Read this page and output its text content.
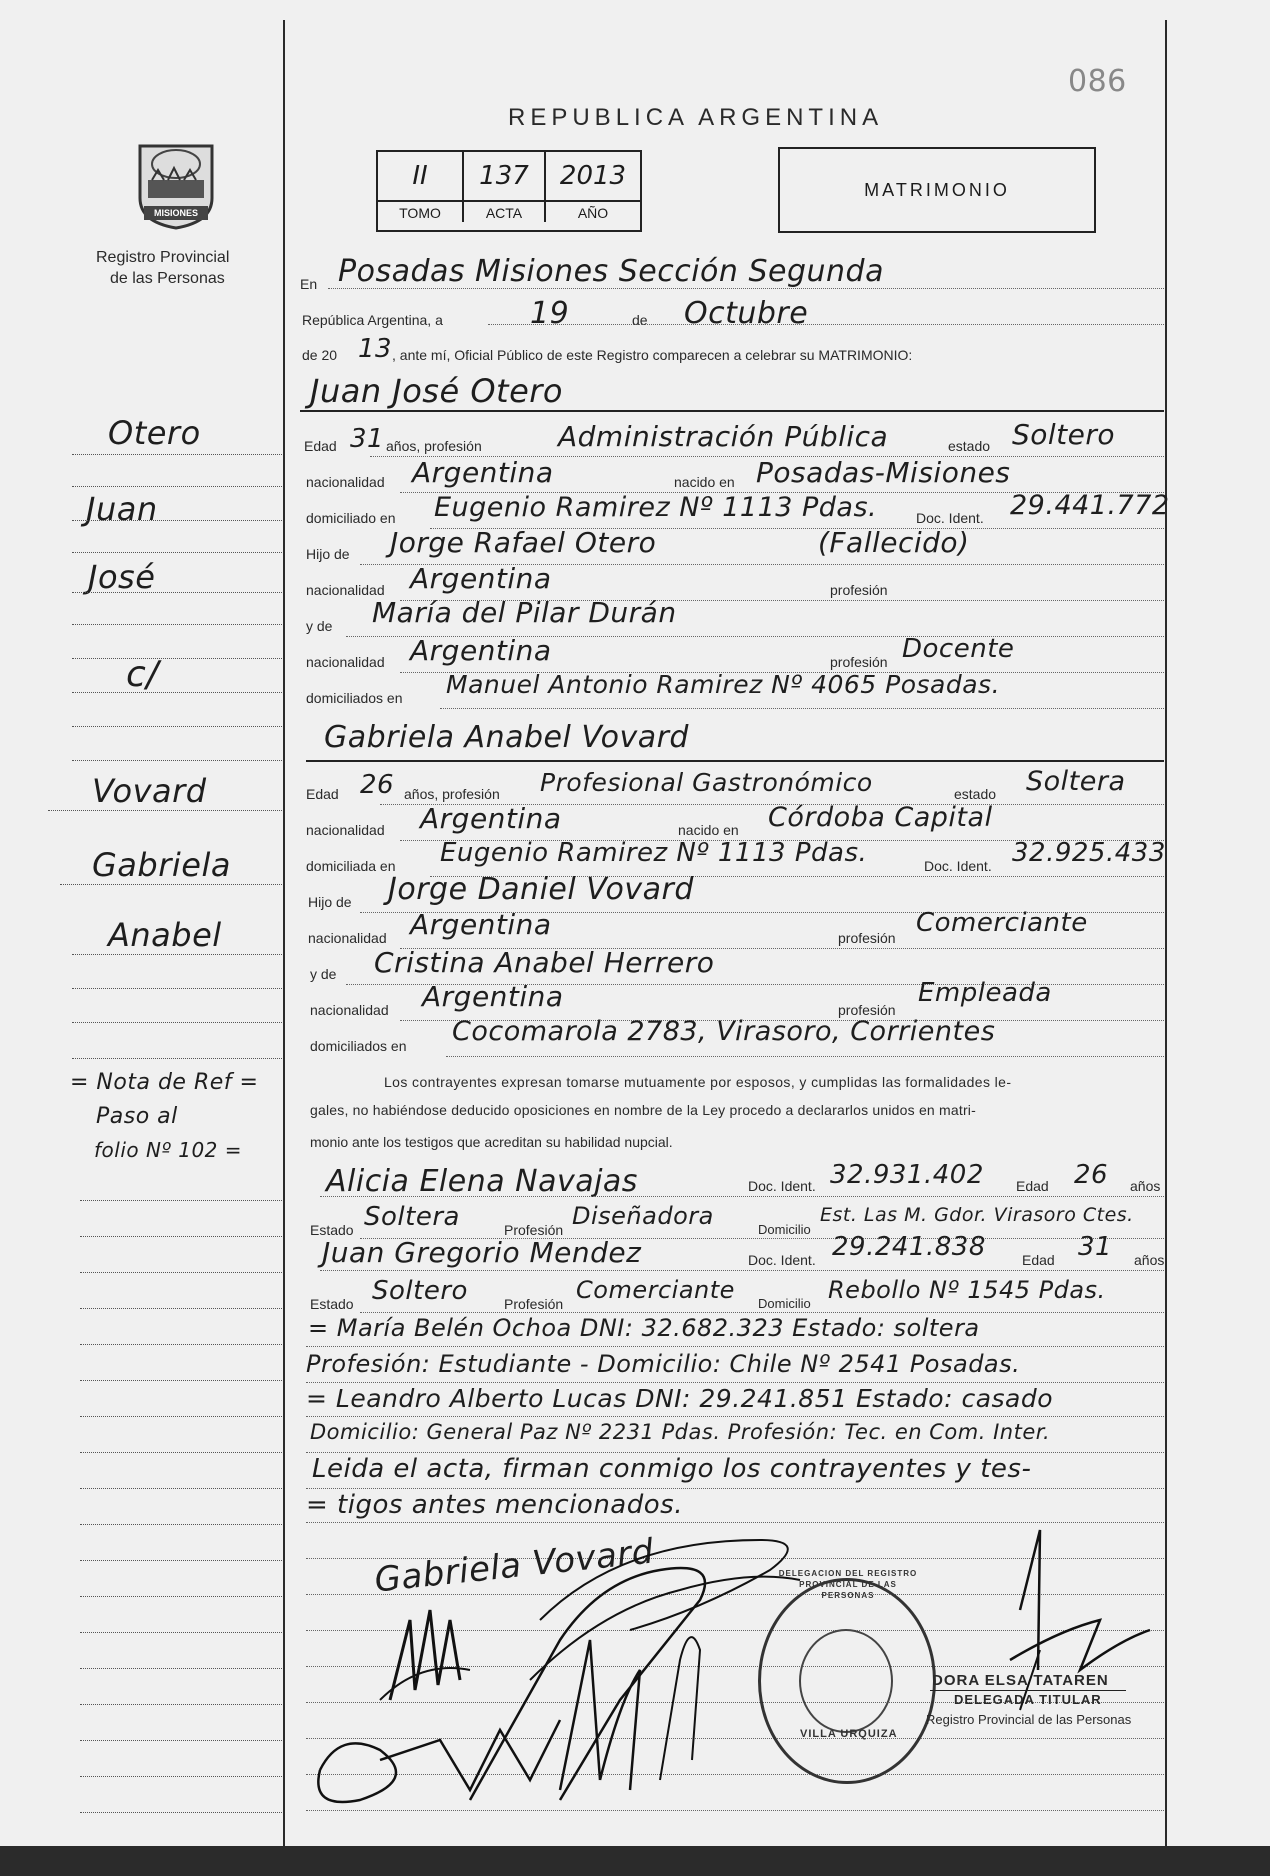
086
MISIONES
Registro Provincial
de las Personas
REPUBLICA ARGENTINA
II	137	2013
TOMO	ACTA	AÑO
MATRIMONIO
Otero
Juan
José
c/
Vovard
Gabriela
Anabel
= Nota de Ref =
Paso al
folio Nº 102 =
En Posadas Misiones Sección Segunda
República Argentina, a	19	de Octubre
de 20 13 , ante mí, Oficial Público de este Registro comparecen a celebrar su MATRIMONIO:
Juan José Otero
Edad 31 años, profesión	Administración Pública	estado Soltero
nacionalidad Argentina	nacido en Posadas-Misiones
domiciliado en Eugenio Ramirez Nº 1113 Pdas.	Doc. Ident. 29.441.772
Hijo de Jorge Rafael Otero	(Fallecido)
nacionalidad Argentina	profesión
y de María del Pilar Durán
nacionalidad Argentina	profesión Docente
domiciliados en Manuel Antonio Ramirez Nº 4065 Posadas.
Gabriela Anabel Vovard
Edad 26 años, profesión Profesional Gastronómico	estado Soltera
nacionalidad Argentina	nacido en Córdoba Capital
domiciliada en Eugenio Ramirez Nº 1113 Pdas.	Doc. Ident. 32.925.433
Hijo de Jorge Daniel Vovard
nacionalidad Argentina	profesión Comerciante
y de Cristina Anabel Herrero
nacionalidad Argentina	profesión
Empleada
domiciliados en Cocomarola 2783, Virasoro, Corrientes
Los contrayentes expresan tomarse mutuamente por esposos, y cumplidas las formalidades le-
gales, no habiéndose deducido oposiciones en nombre de la Ley procedo a declararlos unidos en matri-
monio ante los testigos que acreditan su habilidad nupcial.
Alicia Elena Navajas	Doc. Ident. 32.931.402 Edad 26 años
Estado Soltera	Profesión Diseñadora	Domicilio
Est. Las M. Gdor. Virasoro Ctes.
Juan Gregorio Mendez	Doc. Ident. 29.241.838	Edad 31 años
Estado Soltero	Profesión Comerciante Domicilio Rebollo Nº 1545 Pdas.
= María Belén Ochoa DNI: 32.682.323 Estado: soltera
Profesión: Estudiante - Domicilio: Chile Nº 2541 Posadas.
= Leandro Alberto Lucas DNI: 29.241.851 Estado: casado
Domicilio: General Paz Nº 2231 Pdas. Profesión: Tec. en Com. Inter.
Leida el acta, firman conmigo los contrayentes y tes-
= tigos antes mencionados.
Gabriela Vovard	DELEGACION DEL REGISTRO PROVINCIAL DE LAS PERSONAS
VILLA URQUIZA
DORA ELSA TATAREN
DELEGADA TITULAR
Registro Provincial de las Personas
